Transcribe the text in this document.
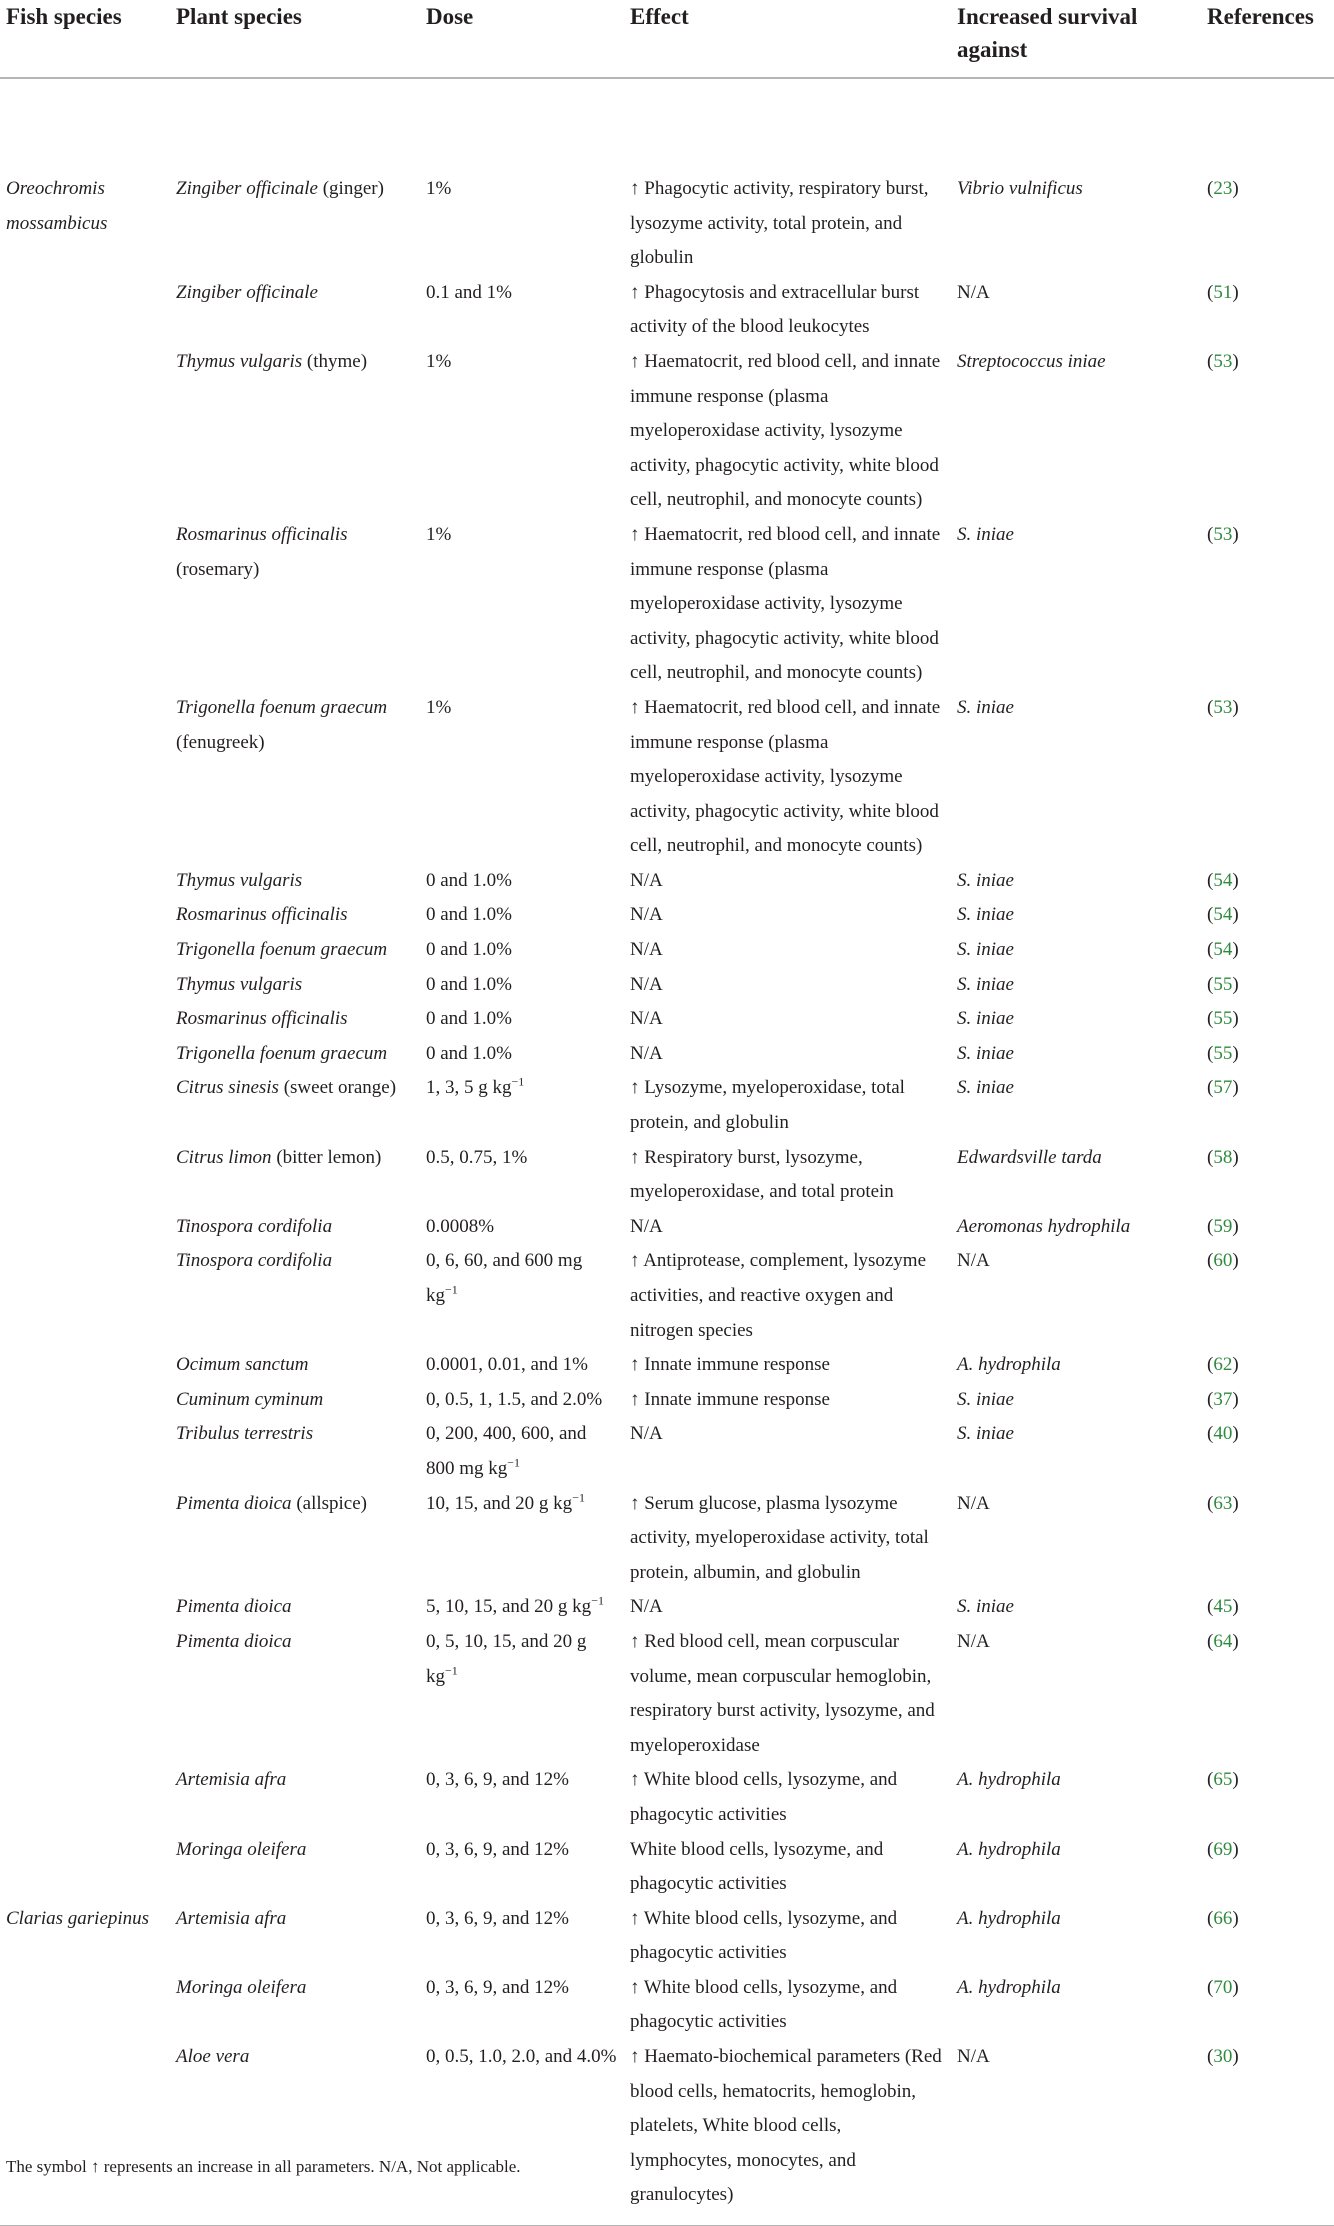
Fish species	Plant species	Dose	Effect	Increased survival against	References
Oreochromis mossambicus	Zingiber officinale (ginger)	1%	↑ Phagocytic activity, respiratory burst, lysozyme activity, total protein, and globulin	Vibrio vulnificus	(23)
	Zingiber officinale	0.1 and 1%	↑ Phagocytosis and extracellular burst activity of the blood leukocytes	N/A	(51)
	Thymus vulgaris (thyme)	1%	↑ Haematocrit, red blood cell, and innate immune response (plasma myeloperoxidase activity, lysozyme activity, phagocytic activity, white blood cell, neutrophil, and monocyte counts)	Streptococcus iniae	(53)
	Rosmarinus officinalis (rosemary)	1%	↑ Haematocrit, red blood cell, and innate immune response (plasma myeloperoxidase activity, lysozyme activity, phagocytic activity, white blood cell, neutrophil, and monocyte counts)	S. iniae	(53)
	Trigonella foenum graecum (fenugreek)	1%	↑ Haematocrit, red blood cell, and innate immune response (plasma myeloperoxidase activity, lysozyme activity, phagocytic activity, white blood cell, neutrophil, and monocyte counts)	S. iniae	(53)
	Thymus vulgaris	0 and 1.0%	N/A	S. iniae	(54)
	Rosmarinus officinalis	0 and 1.0%	N/A	S. iniae	(54)
	Trigonella foenum graecum	0 and 1.0%	N/A	S. iniae	(54)
	Thymus vulgaris	0 and 1.0%	N/A	S. iniae	(55)
	Rosmarinus officinalis	0 and 1.0%	N/A	S. iniae	(55)
	Trigonella foenum graecum	0 and 1.0%	N/A	S. iniae	(55)
	Citrus sinesis (sweet orange)	1, 3, 5 g $kg^{-1}$	↑ Lysozyme, myeloperoxidase, total protein, and globulin	S. iniae	(57)
	Citrus limon (bitter lemon)	0.5, 0.75, 1%	↑ Respiratory burst, lysozyme, myeloperoxidase, and total protein	Edwardsville tarda	(58)
	Tinospora cordifolia	0.0008%	N/A	Aeromonas hydrophila	(59)
	Tinospora cordifolia	0, 6, 60, and 600 mg $kg^{-1}$	↑ Antiprotease, complement, lysozyme activities, and reactive oxygen and nitrogen species	N/A	(60)
	Ocimum sanctum	0.0001, 0.01, and 1%	↑ Innate immune response	A. hydrophila	(62)
	Cuminum cyminum	0, 0.5, 1, 1.5, and 2.0%	↑ Innate immune response	S. iniae	(37)
	Tribulus terrestris	0, 200, 400, 600, and 800 mg $kg^{-1}$	N/A	S. iniae	(40)
	Pimenta dioica (allspice)	10, 15, and 20 g $kg^{-1}$	↑ Serum glucose, plasma lysozyme activity, myeloperoxidase activity, total protein, albumin, and globulin	N/A	(63)
	Pimenta dioica	5, 10, 15, and 20 g $kg^{-1}$	N/A	S. iniae	(45)
	Pimenta dioica	0, 5, 10, 15, and 20 g $kg^{-1}$	↑ Red blood cell, mean corpuscular volume, mean corpuscular hemoglobin, respiratory burst activity, lysozyme, and myeloperoxidase	N/A	(64)
	Artemisia afra	0, 3, 6, 9, and 12%	↑ White blood cells, lysozyme, and phagocytic activities	A. hydrophila	(65)
	Moringa oleifera	0, 3, 6, 9, and 12%	White blood cells, lysozyme, and phagocytic activities	A. hydrophila	(69)
Clarias gariepinus	Artemisia afra	0, 3, 6, 9, and 12%	↑ White blood cells, lysozyme, and phagocytic activities	A. hydrophila	(66)
	Moringa oleifera	0, 3, 6, 9, and 12%	↑ White blood cells, lysozyme, and phagocytic activities	A. hydrophila	(70)
	Aloe vera	0, 0.5, 1.0, 2.0, and 4.0%	↑ Haemato-biochemical parameters (Red blood cells, hematocrits, hemoglobin, platelets, White blood cells, lymphocytes, monocytes, and granulocytes)	N/A	(30)
The symbol ↑ represents an increase in all parameters. N/A, Not applicable.
